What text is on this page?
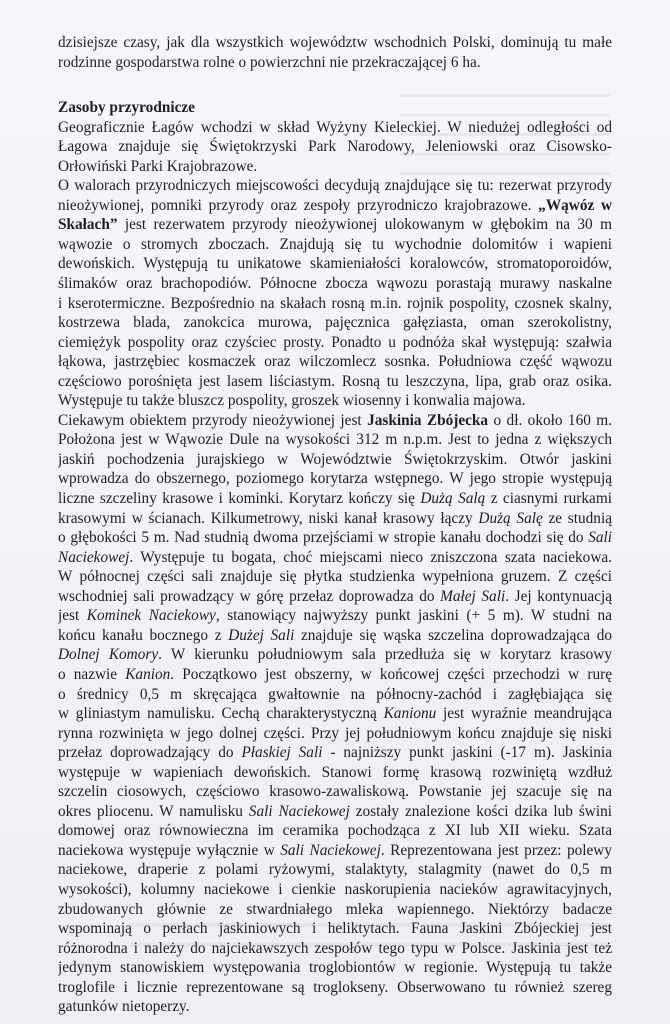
dzisiejsze czasy, jak dla wszystkich województw wschodnich Polski, dominują tu małe
rodzinne gospodarstwa rolne o powierzchni nie przekraczającej 6 ha.
Zasoby przyrodnicze
Geograficznie Łagów wchodzi w skład Wyżyny Kieleckiej. W niedużej odległości od
Łagowa znajduje się Świętokrzyski Park Narodowy, Jeleniowski oraz Cisowsko-
Orłowiński Parki Krajobrazowe.
O walorach przyrodniczych miejscowości decydują znajdujące się tu: rezerwat przyrody
nieożywionej, pomniki przyrody oraz zespoły przyrodniczo krajobrazowe. „Wąwóz w
Skałach” jest rezerwatem przyrody nieożywionej ulokowanym w głębokim na 30 m
wąwozie o stromych zboczach. Znajdują się tu wychodnie dolomitów i wapieni
dewońskich. Występują tu unikatowe skamieniałości koralowców, stromatoporoidów,
ślimaków oraz brachopodiów. Północne zbocza wąwozu porastają murawy naskalne
i kserotermiczne. Bezpośrednio na skałach rosną m.in. rojnik pospolity, czosnek skalny,
kostrzewa blada, zanokcica murowa, pajęcznica gałęziasta, oman szerokolistny,
ciemiężyk pospolity oraz czyściec prosty. Ponadto u podnóża skał występują: szałwia
łąkowa, jastrzębiec kosmaczek oraz wilczomlecz sosnka. Południowa część wąwozu
częściowo porośnięta jest lasem liściastym. Rosną tu leszczyna, lipa, grab oraz osika.
Występuje tu także bluszcz pospolity, groszek wiosenny i konwalia majowa.
Ciekawym obiektem przyrody nieożywionej jest Jaskinia Zbójecka o dł. około 160 m.
Położona jest w Wąwozie Dule na wysokości 312 m n.p.m. Jest to jedna z większych
jaskiń pochodzenia jurajskiego w Województwie Świętokrzyskim. Otwór jaskini
wprowadza do obszernego, poziomego korytarza wstępnego. W jego stropie występują
liczne szczeliny krasowe i kominki. Korytarz kończy się Dużą Salą z ciasnymi rurkami
krasowymi w ścianach. Kilkumetrowy, niski kanał krasowy łączy Dużą Salę ze studnią
o głębokości 5 m. Nad studnią dwoma przejściami w stropie kanału dochodzi się do Sali
Naciekowej. Występuje tu bogata, choć miejscami nieco zniszczona szata naciekowa.
W północnej części sali znajduje się płytka studzienka wypełniona gruzem. Z części
wschodniej sali prowadzący w górę przełaz doprowadza do Małej Sali. Jej kontynuacją
jest Kominek Naciekowy, stanowiący najwyższy punkt jaskini (+ 5 m). W studni na
końcu kanału bocznego z Dużej Sali znajduje się wąska szczelina doprowadzająca do
Dolnej Komory. W kierunku południowym sala przedłuża się w korytarz krasowy
o nazwie Kanion. Początkowo jest obszerny, w końcowej części przechodzi w rurę
o średnicy 0,5 m skręcająca gwałtownie na północny-zachód i zagłębiająca się
w gliniastym namulisku. Cechą charakterystyczną Kanionu jest wyraźnie meandrująca
rynna rozwinięta w jego dolnej części. Przy jej południowym końcu znajduje się niski
przełaz doprowadzający do Płaskiej Sali - najniższy punkt jaskini (-17 m). Jaskinia
występuje w wapieniach dewońskich. Stanowi formę krasową rozwiniętą wzdłuż
szczelin ciosowych, częściowo krasowo-zawaliskową. Powstanie jej szacuje się na
okres pliocenu. W namulisku Sali Naciekowej zostały znalezione kości dzika lub świni
domowej oraz równowieczna im ceramika pochodząca z XI lub XII wieku. Szata
naciekowa występuje wyłącznie w Sali Naciekowej. Reprezentowana jest przez: polewy
naciekowe, draperie z polami ryżowymi, stalaktyty, stalagmity (nawet do 0,5 m
wysokości), kolumny naciekowe i cienkie naskorupienia nacieków agrawitacyjnych,
zbudowanych głównie ze stwardniałego mleka wapiennego. Niektórzy badacze
wspominają o perłach jaskiniowych i heliktytach. Fauna Jaskini Zbójeckiej jest
różnorodna i należy do najciekawszych zespołów tego typu w Polsce. Jaskinia jest też
jedynym stanowiskiem występowania troglobiontów w regionie. Występują tu także
troglofile i licznie reprezentowane są troglokseny. Obserwowano tu również szereg
gatunków nietoperzy.
